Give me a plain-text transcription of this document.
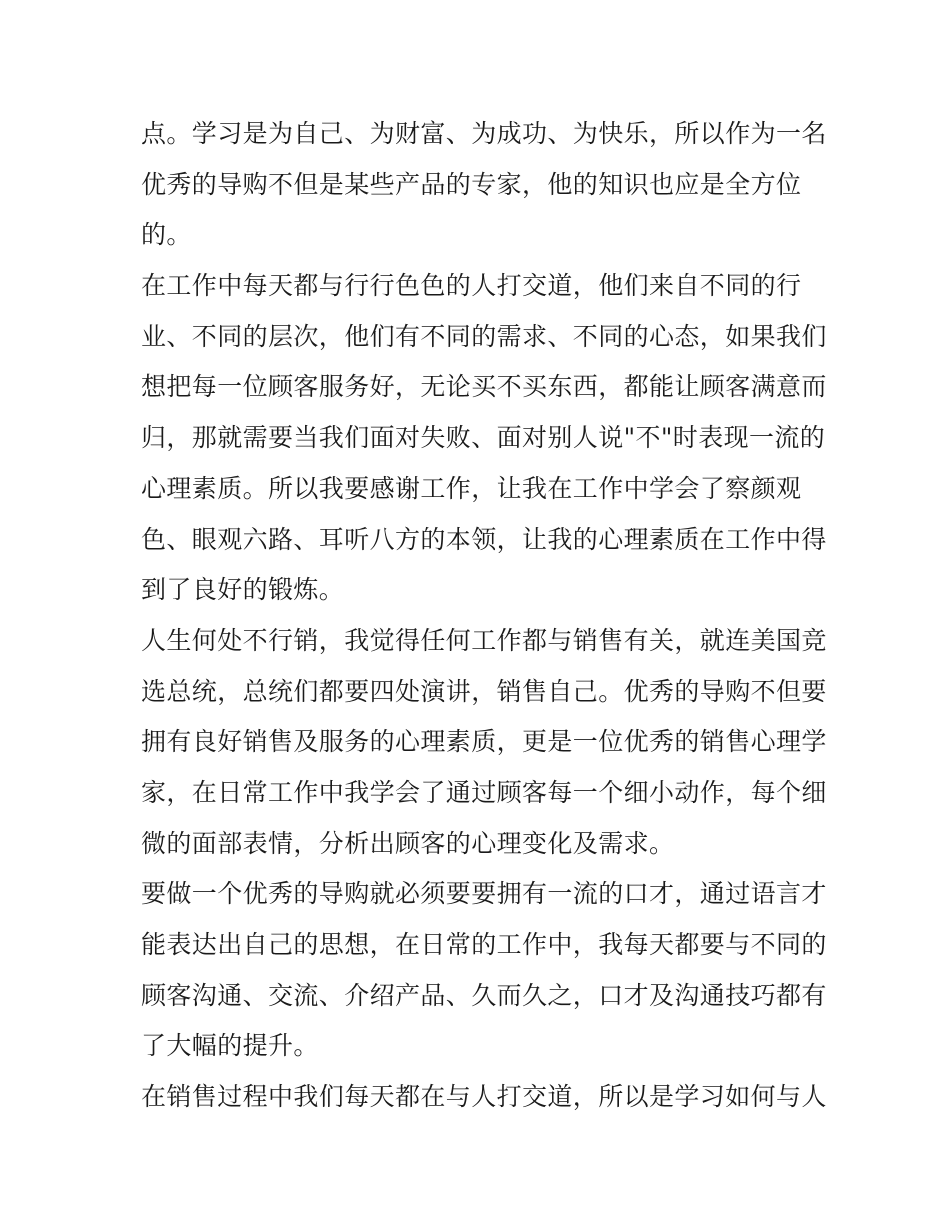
点。学习是为自己、为财富、为成功、为快乐，所以作为一名
优秀的导购不但是某些产品的专家，他的知识也应是全方位
的。
在工作中每天都与行行色色的人打交道，他们来自不同的行
业、不同的层次，他们有不同的需求、不同的心态，如果我们
想把每一位顾客服务好，无论买不买东西，都能让顾客满意而
归，那就需要当我们面对失败、面对别人说"不"时表现一流的
心理素质。所以我要感谢工作，让我在工作中学会了察颜观
色、眼观六路、耳听八方的本领，让我的心理素质在工作中得
到了良好的锻炼。
人生何处不行销，我觉得任何工作都与销售有关，就连美国竞
选总统，总统们都要四处演讲，销售自己。优秀的导购不但要
拥有良好销售及服务的心理素质，更是一位优秀的销售心理学
家，在日常工作中我学会了通过顾客每一个细小动作，每个细
微的面部表情，分析出顾客的心理变化及需求。
要做一个优秀的导购就必须要要拥有一流的口才，通过语言才
能表达出自己的思想，在日常的工作中，我每天都要与不同的
顾客沟通、交流、介绍产品、久而久之，口才及沟通技巧都有
了大幅的提升。
在销售过程中我们每天都在与人打交道，所以是学习如何与人
